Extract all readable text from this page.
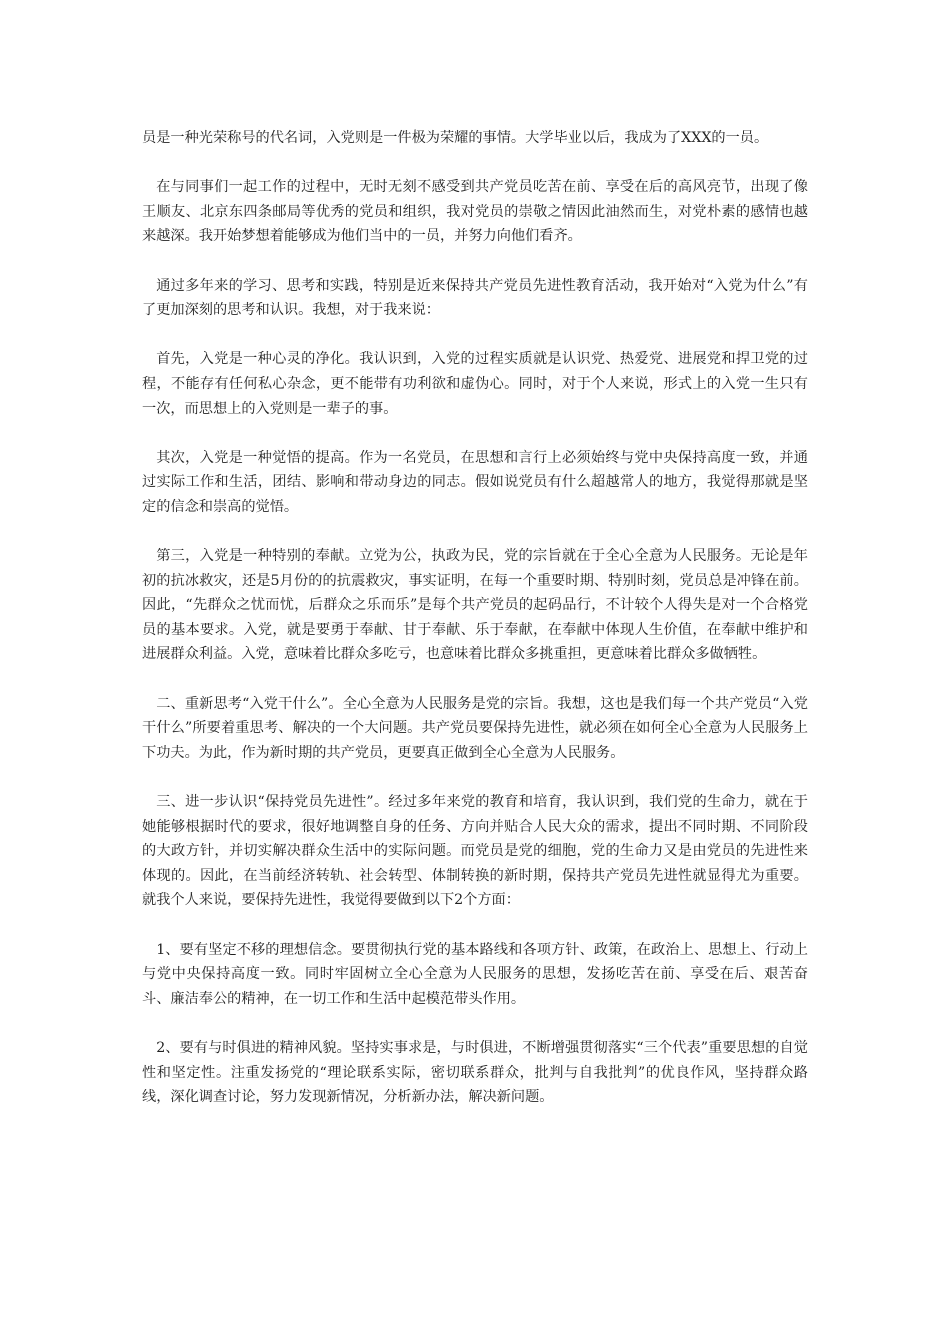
员是一种光荣称号的代名词，入党则是一件极为荣耀的事情。大学毕业以后，我成为了XXX的一员。

在与同事们一起工作的过程中，无时无刻不感受到共产党员吃苦在前、享受在后的高风亮节，出现了像王顺友、北京东四条邮局等优秀的党员和组织，我对党员的崇敬之情因此油然而生，对党朴素的感情也越来越深。我开始梦想着能够成为他们当中的一员，并努力向他们看齐。

通过多年来的学习、思考和实践，特别是近来保持共产党员先进性教育活动，我开始对“入党为什么”有了更加深刻的思考和认识。我想，对于我来说：

首先，入党是一种心灵的净化。我认识到，入党的过程实质就是认识党、热爱党、进展党和捍卫党的过程，不能存有任何私心杂念，更不能带有功利欲和虚伪心。同时，对于个人来说，形式上的入党一生只有一次，而思想上的入党则是一辈子的事。

其次，入党是一种觉悟的提高。作为一名党员，在思想和言行上必须始终与党中央保持高度一致，并通过实际工作和生活，团结、影响和带动身边的同志。假如说党员有什么超越常人的地方，我觉得那就是坚定的信念和崇高的觉悟。

第三，入党是一种特别的奉献。立党为公，执政为民，党的宗旨就在于全心全意为人民服务。无论是年初的抗冰救灾，还是5月份的的抗震救灾，事实证明，在每一个重要时期、特别时刻，党员总是冲锋在前。因此，“先群众之忧而忧，后群众之乐而乐”是每个共产党员的起码品行，不计较个人得失是对一个合格党员的基本要求。入党，就是要勇于奉献、甘于奉献、乐于奉献，在奉献中体现人生价值，在奉献中维护和进展群众利益。入党，意味着比群众多吃亏，也意味着比群众多挑重担，更意味着比群众多做牺牲。

二、重新思考“入党干什么”。全心全意为人民服务是党的宗旨。我想，这也是我们每一个共产党员“入党干什么”所要着重思考、解决的一个大问题。共产党员要保持先进性，就必须在如何全心全意为人民服务上下功夫。为此，作为新时期的共产党员，更要真正做到全心全意为人民服务。

三、进一步认识“保持党员先进性”。经过多年来党的教育和培育，我认识到，我们党的生命力，就在于她能够根据时代的要求，很好地调整自身的任务、方向并贴合人民大众的需求，提出不同时期、不同阶段的大政方针，并切实解决群众生活中的实际问题。而党员是党的细胞，党的生命力又是由党员的先进性来体现的。因此，在当前经济转轨、社会转型、体制转换的新时期，保持共产党员先进性就显得尤为重要。就我个人来说，要保持先进性，我觉得要做到以下2个方面：

1、要有坚定不移的理想信念。要贯彻执行党的基本路线和各项方针、政策，在政治上、思想上、行动上与党中央保持高度一致。同时牢固树立全心全意为人民服务的思想，发扬吃苦在前、享受在后、艰苦奋斗、廉洁奉公的精神，在一切工作和生活中起模范带头作用。

2、要有与时俱进的精神风貌。坚持实事求是，与时俱进，不断增强贯彻落实“三个代表”重要思想的自觉性和坚定性。注重发扬党的“理论联系实际，密切联系群众，批判与自我批判”的优良作风，坚持群众路线，深化调查讨论，努力发现新情况，分析新办法，解决新问题。
